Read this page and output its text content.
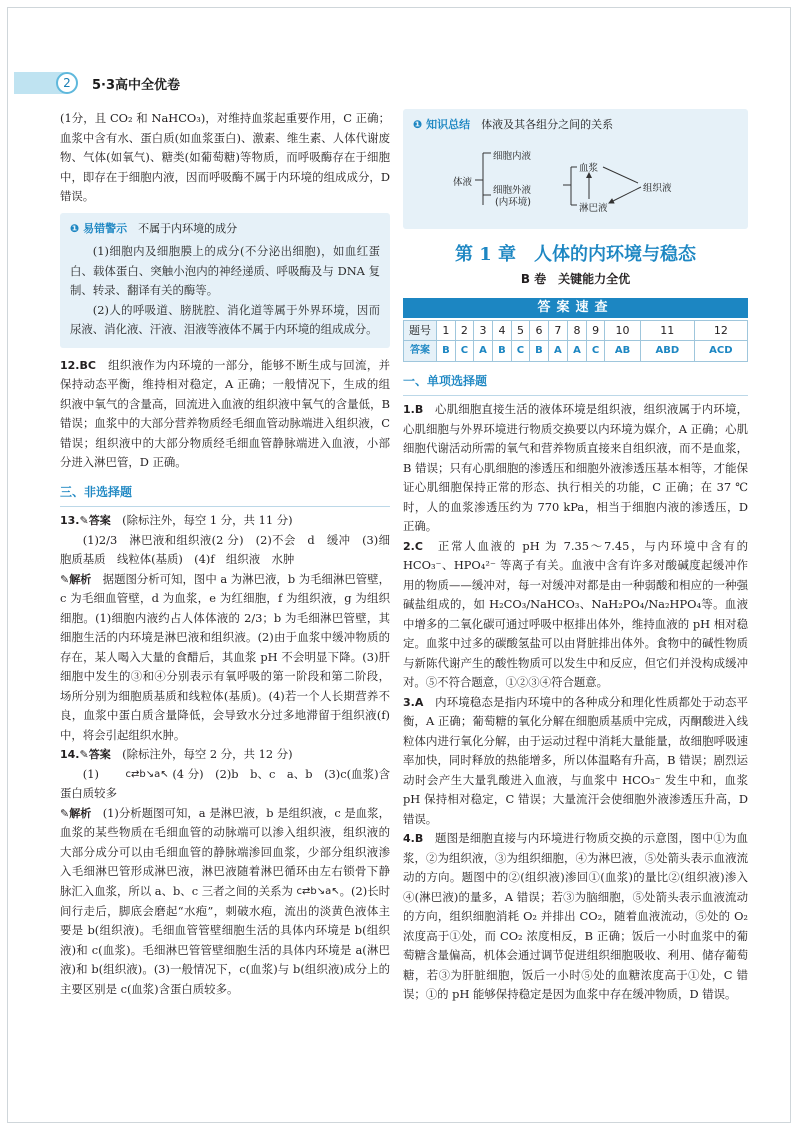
2	5·3高中全优卷

(1分，且 CO₂ 和 NaHCO₃)，对维持血浆起重要作用，C 正确；血浆中含有水、蛋白质(如血浆蛋白)、激素、维生素、人体代谢废物、气体(如氧气)、糖类(如葡萄糖)等物质，而呼吸酶存在于细胞中，即存在于细胞内液，因而呼吸酶不属于内环境的组成成分，D 错误。

❶ 易错警示　 不属于内环境的成分

(1)细胞内及细胞膜上的成分(不分泌出细胞)，如血红蛋白、载体蛋白、突触小泡内的神经递质、呼吸酶及与 DNA 复制、转录、翻译有关的酶等。

(2)人的呼吸道、膀胱腔、消化道等属于外界环境，因而尿液、消化液、汗液、泪液等液体不属于内环境的组成成分。

12.BC　 组织液作为内环境的一部分，能够不断生成与回流，并保持动态平衡，维持相对稳定，A 正确；一般情况下，生成的组织液中氧气的含量高，回流进入血液的组织液中氧气的含量低，B 错误；血浆中的大部分营养物质经毛细血管动脉端进入组织液，C 错误；组织液中的大部分物质经毛细血管静脉端进入血液，小部分进入淋巴管，D 正确。

三、非选择题

13.✎答案　 (除标注外，每空 1 分，共 11 分)

(1)2/3　淋巴液和组织液(2 分)　(2)不会　d　缓冲　(3)细胞质基质　线粒体(基质)　(4)f　组织液　水肿

✎解析　 据题图分析可知，图中 a 为淋巴液，b 为毛细淋巴管壁，c 为毛细血管壁，d 为血浆，e 为红细胞，f 为组织液，g 为组织细胞。(1)细胞内液约占人体体液的 2/3；b 为毛细淋巴管壁，其细胞生活的内环境是淋巴液和组织液。(2)由于血浆中缓冲物质的存在，某人喝入大量的食醋后，其血浆 pH 不会明显下降。(3)肝细胞中发生的③和④分别表示有氧呼吸的第一阶段和第二阶段，场所分别为细胞质基质和线粒体(基质)。(4)若一个人长期营养不良，血浆中蛋白质含量降低，会导致水分过多地滞留于组织液(f)中，将会引起组织水肿。

14.✎答案　 (除标注外，每空 2 分，共 12 分)

(1)	c⇄b↘a↖ (4 分)　(2)b　b、c　a、b　(3)c(血浆)含蛋白质较多

✎解析　 (1)分析题图可知，a 是淋巴液，b 是组织液，c 是血浆，血浆的某些物质在毛细血管的动脉端可以渗入组织液，组织液的大部分成分可以由毛细血管的静脉端渗回血浆，少部分组织液渗入毛细淋巴管形成淋巴液，淋巴液随着淋巴循环由左右锁骨下静脉汇入血浆，所以 a、b、c 三者之间的关系为 c⇄b↘a↖。(2)长时间行走后，脚底会磨起“水疱”，刺破水疱，流出的淡黄色液体主要是 b(组织液)。毛细血管管壁细胞生活的具体内环境是 b(组织液)和 c(血浆)。毛细淋巴管管壁细胞生活的具体内环境是 a(淋巴液)和 b(组织液)。(3)一般情况下，c(血浆)与 b(组织液)成分上的主要区别是 c(血浆)含蛋白质较多。

❶ 知识总结　 体液及其各组分之间的关系
体液
细胞内液
细胞外液
(内环境)
血浆
组织液
淋巴液
第 1 章　人体的内环境与稳态
B 卷　关键能力全优
答案速查
题号	1	2	3	4	5	6	7	8	9	10	11	12
答案	B	C	A	B	C	B	A	A	C	AB	ABD	ACD
一、单项选择题

1.B　 心肌细胞直接生活的液体环境是组织液，组织液属于内环境，心肌细胞与外界环境进行物质交换要以内环境为媒介，A 正确；心肌细胞代谢活动所需的氧气和营养物质直接来自组织液，而不是血浆，B 错误；只有心肌细胞的渗透压和细胞外液渗透压基本相等，才能保证心肌细胞保持正常的形态、执行相关的功能，C 正确；在 37 ℃ 时，人的血浆渗透压约为 770 kPa，相当于细胞内液的渗透压，D 正确。

2.C　 正常人血液的 pH 为 7.35～7.45，与内环境中含有的 HCO₃⁻、HPO₄²⁻ 等离子有关。血液中含有许多对酸碱度起缓冲作用的物质——缓冲对，每一对缓冲对都是由一种弱酸和相应的一种强碱盐组成的，如 H₂CO₃/NaHCO₃、NaH₂PO₄/Na₂HPO₄等。血液中增多的二氧化碳可通过呼吸中枢排出体外，维持血液的 pH 相对稳定。血浆中过多的碳酸氢盐可以由肾脏排出体外。食物中的碱性物质与新陈代谢产生的酸性物质可以发生中和反应，但它们并没构成缓冲对。⑤不符合题意，①②③④符合题意。

3.A　 内环境稳态是指内环境中的各种成分和理化性质都处于动态平衡，A 正确；葡萄糖的氧化分解在细胞质基质中完成，丙酮酸进入线粒体内进行氧化分解，由于运动过程中消耗大量能量，故细胞呼吸速率加快，同时释放的热能增多，所以体温略有升高，B 错误；剧烈运动时会产生大量乳酸进入血液，与血浆中 HCO₃⁻ 发生中和，血浆 pH 保持相对稳定，C 错误；大量流汗会使细胞外液渗透压升高，D 错误。

4.B　 题图是细胞直接与内环境进行物质交换的示意图，图中①为血浆，②为组织液，③为组织细胞，④为淋巴液，⑤处箭头表示血液流动的方向。题图中的②(组织液)渗回①(血浆)的量比②(组织液)渗入④(淋巴液)的量多，A 错误；若③为脑细胞，⑤处箭头表示血液流动的方向，组织细胞消耗 O₂ 并排出 CO₂，随着血液流动，⑤处的 O₂ 浓度高于①处，而 CO₂ 浓度相反，B 正确；饭后一小时血浆中的葡萄糖含量偏高，机体会通过调节促进组织细胞吸收、利用、储存葡萄糖，若③为肝脏细胞，饭后一小时⑤处的血糖浓度高于①处，C 错误；①的 pH 能够保持稳定是因为血浆中存在缓冲物质，D 错误。
